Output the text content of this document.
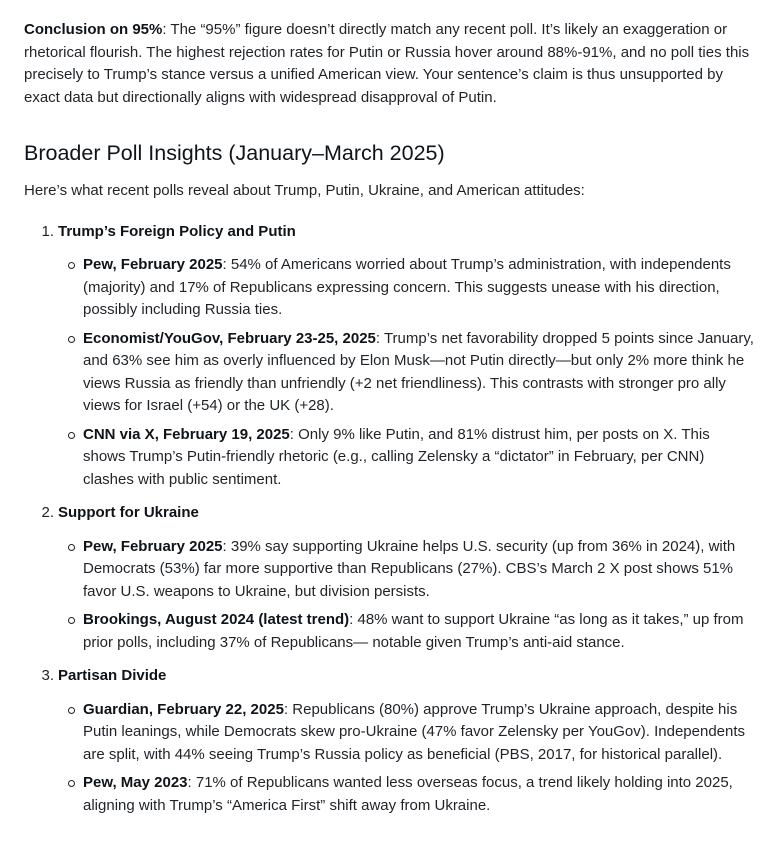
Conclusion on 95%: The “95%” figure doesn’t directly match any recent poll. It’s likely an exaggeration or rhetorical flourish. The highest rejection rates for Putin or Russia hover around 88%-91%, and no poll ties this precisely to Trump’s stance versus a unified American view. Your sentence’s claim is thus unsupported by exact data but directionally aligns with widespread disapproval of Putin.

Broader Poll Insights (January–March 2025)

Here’s what recent polls reveal about Trump, Putin, Ukraine, and American attitudes:

1. Trump’s Foreign Policy and Putin
Pew, February 2025: 54% of Americans worried about Trump’s administration, with independents (majority) and 17% of Republicans expressing concern. This suggests unease with his direction, possibly including Russia ties.
Economist/YouGov, February 23-25, 2025: Trump’s net favorability dropped 5 points since January, and 63% see him as overly influenced by Elon Musk—not Putin directly—but only 2% more think he views Russia as friendly than unfriendly (+2 net friendliness). This contrasts with stronger pro ally views for Israel (+54) or the UK (+28).
CNN via X, February 19, 2025: Only 9% like Putin, and 81% distrust him, per posts on X. This shows Trump’s Putin-friendly rhetoric (e.g., calling Zelensky a “dictator” in February, per CNN) clashes with public sentiment.
2. Support for Ukraine
Pew, February 2025: 39% say supporting Ukraine helps U.S. security (up from 36% in 2024), with Democrats (53%) far more supportive than Republicans (27%). CBS’s March 2 X post shows 51% favor U.S. weapons to Ukraine, but division persists.
Brookings, August 2024 (latest trend): 48% want to support Ukraine “as long as it takes,” up from prior polls, including 37% of Republicans— notable given Trump’s anti-aid stance.
3. Partisan Divide
Guardian, February 22, 2025: Republicans (80%) approve Trump’s Ukraine approach, despite his Putin leanings, while Democrats skew pro-Ukraine (47% favor Zelensky per YouGov). Independents are split, with 44% seeing Trump’s Russia policy as beneficial (PBS, 2017, for historical parallel).
Pew, May 2023: 71% of Republicans wanted less overseas focus, a trend likely holding into 2025, aligning with Trump’s “America First” shift away from Ukraine.
